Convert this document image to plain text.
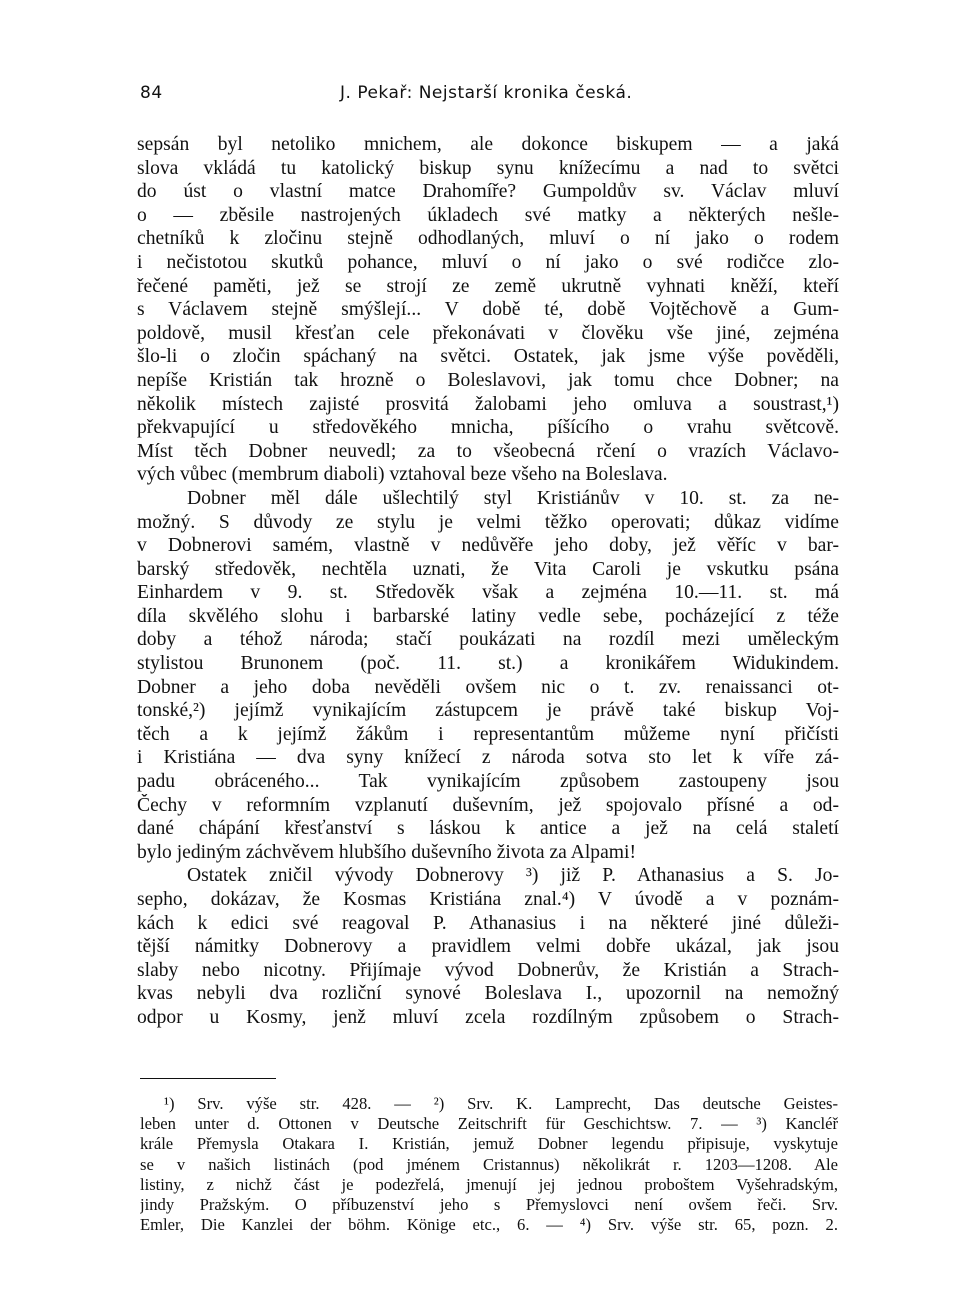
84	J. Pekař: Nejstarší kronika česká.
sepsán byl netoliko mnichem, ale dokonce biskupem — a jaká
slova vkládá tu katolický biskup synu knížecímu a nad to světci
do úst o vlastní matce Drahomíře? Gumpoldův sv. Václav mluví
o — zběsile nastrojených úkladech své matky a některých nešle-
chetníků k zločinu stejně odhodlaných, mluví o ní jako o rodem
i nečistotou skutků pohance, mluví o ní jako o své rodičce zlo-
řečené paměti, jež se strojí ze země ukrutně vyhnati kněží, kteří
s Václavem stejně smýšlejí... V době té, době Vojtěchově a Gum-
poldově, musil křesťan cele překonávati v člověku vše jiné, zejména
šlo-li o zločin spáchaný na světci. Ostatek, jak jsme výše pověděli,
nepíše Kristián tak hrozně o Boleslavovi, jak tomu chce Dobner; na
několik místech zajisté prosvitá žalobami jeho omluva a soustrast,¹)
překvapující u středověkého mnicha, píšícího o vrahu světcově.
Míst těch Dobner neuvedl; za to všeobecná rčení o vrazích Václavo-
vých vůbec (membrum diaboli) vztahoval beze všeho na Boleslava.
Dobner měl dále ušlechtilý styl Kristiánův v 10. st. za ne-
možný. S důvody ze stylu je velmi těžko operovati; důkaz vidíme
v Dobnerovi samém, vlastně v nedůvěře jeho doby, jež věříc v bar-
barský středověk, nechtěla uznati, že Vita Caroli je vskutku psána
Einhardem v 9. st. Středověk však a zejména 10.—11. st. má
díla skvělého slohu i barbarské latiny vedle sebe, pocházející z téže
doby a téhož národa; stačí poukázati na rozdíl mezi uměleckým
stylistou Brunonem (poč. 11. st.) a kronikářem Widukindem.
Dobner a jeho doba nevěděli ovšem nic o t. zv. renaissanci ot-
tonské,²) jejímž vynikajícím zástupcem je právě také biskup Voj-
těch a k jejímž žákům i representantům můžeme nyní přičísti
i Kristiána — dva syny knížecí z národa sotva sto let k víře zá-
padu obráceného... Tak vynikajícím způsobem zastoupeny jsou
Čechy v reformním vzplanutí duševním, jež spojovalo přísné a od-
dané chápání křesťanství s láskou k antice a jež na celá staletí
bylo jediným záchvěvem hlubšího duševního života za Alpami!
Ostatek zničil vývody Dobnerovy ³) již P. Athanasius a S. Jo-
sepho, dokázav, že Kosmas Kristiána znal.⁴) V úvodě a v poznám-
kách k edici své reagoval P. Athanasius i na některé jiné důleži-
tější námitky Dobnerovy a pravidlem velmi dobře ukázal, jak jsou
slaby nebo nicotny. Přijímaje vývod Dobnerův, že Kristián a Strach-
kvas nebyli dva rozliční synové Boleslava I., upozornil na nemožný
odpor u Kosmy, jenž mluví zcela rozdílným způsobem o Strach-
¹) Srv. výše str. 428. — ²) Srv. K. Lamprecht, Das deutsche Geistes-
leben unter d. Ottonen v Deutsche Zeitschrift für Geschichtsw. 7. — ³) Kancléř
krále Přemysla Otakara I. Kristián, jemuž Dobner legendu připisuje, vyskytuje
se v našich listinách (pod jménem Cristannus) několikrát r. 1203—1208. Ale
listiny, z nichž část je podezřelá, jmenují jej jednou proboštem Vyšehradským,
jindy Pražským. O příbuzenství jeho s Přemyslovci není ovšem řeči. Srv.
Emler, Die Kanzlei der böhm. Könige etc., 6. — ⁴) Srv. výše str. 65, pozn. 2.
